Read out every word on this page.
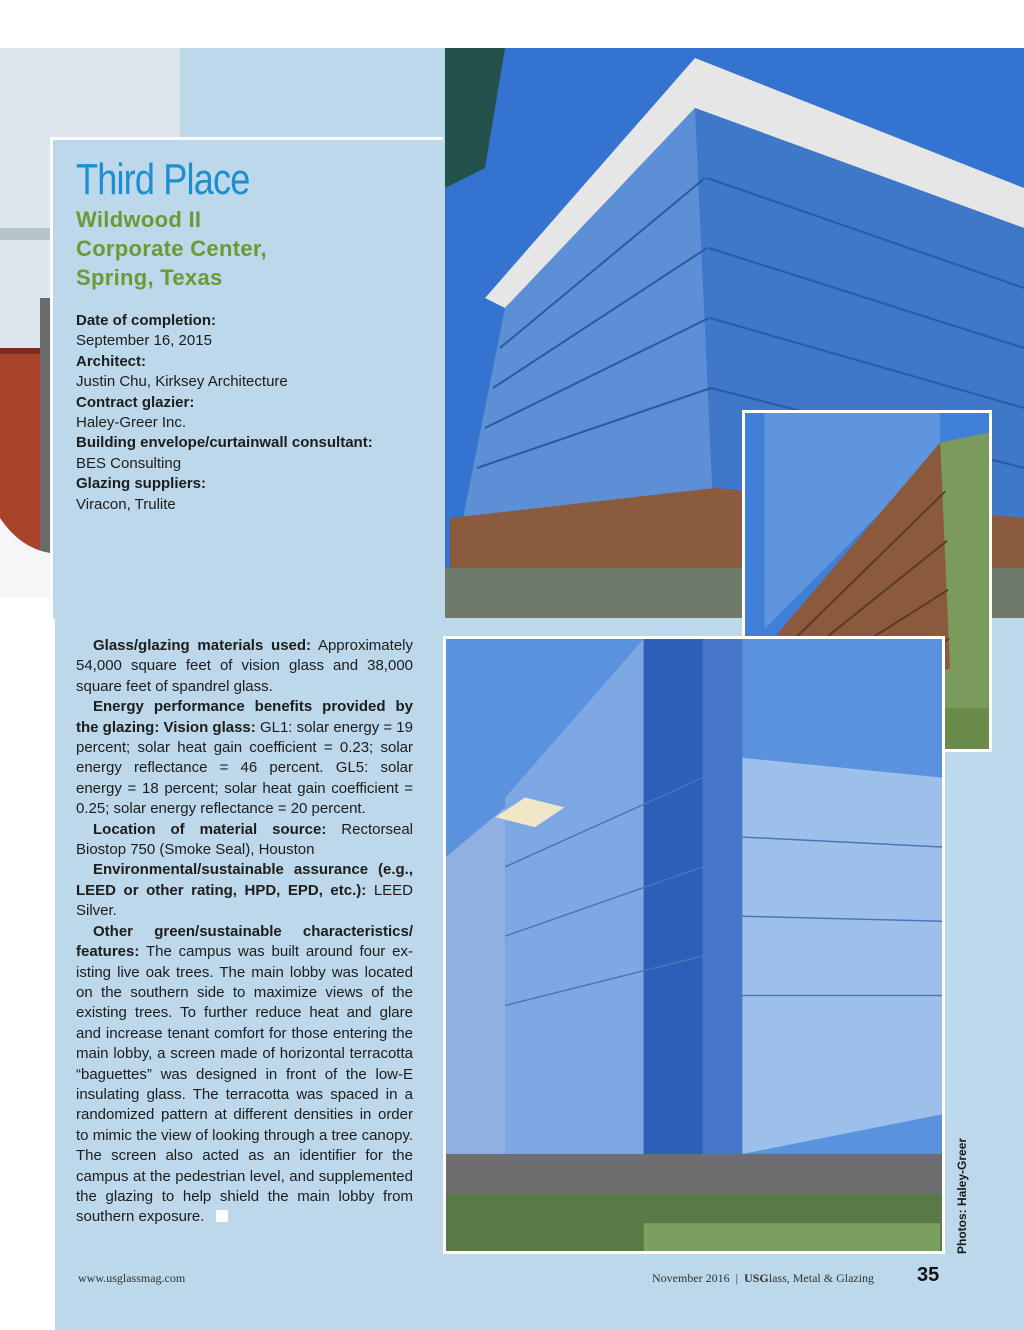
Third Place
Wildwood II
Corporate Center,
Spring, Texas
Date of completion:
September 16, 2015
Architect:
Justin Chu, Kirksey Architecture
Contract glazier:
Haley-Greer Inc.
Building envelope/curtainwall consultant:
BES Consulting
Glazing suppliers:
Viracon, Trulite

Glass/glazing materials used: Approximately 54,000 square feet of vision glass and 38,000 square feet of spandrel glass.

Energy performance benefits provided by the glazing: Vision glass: GL1: solar energy = 19 percent; solar heat gain coefficient = 0.23; solar energy reflectance = 46 percent. GL5: solar energy = 18 percent; solar heat gain coefficient = 0.25; solar energy reflectance = 20 percent.

Location of material source: Rectorseal Biostop 750 (Smoke Seal), Houston

Environmental/sustainable assurance (e.g., LEED or other rating, HPD, EPD, etc.): LEED Silver.

Other green/sustainable characteristics/ features: The campus was built around four existing live oak trees. The main lobby was located on the southern side to maximize views of the existing trees. To further reduce heat and glare and increase tenant comfort for those entering the main lobby, a screen made of horizontal terracotta “baguettes” was designed in front of the low-E insulating glass. The terracotta was spaced in a randomized pattern at different densities in order to mimic the view of looking through a tree canopy. The screen also acted as an identifier for the campus at the pedestrian level, and supplemented the glazing to help shield the main lobby from southern exposure.	Photos: Haley-Greer
www.usglassmag.com	November 2016 | USGlass, Metal & Glazing 35
